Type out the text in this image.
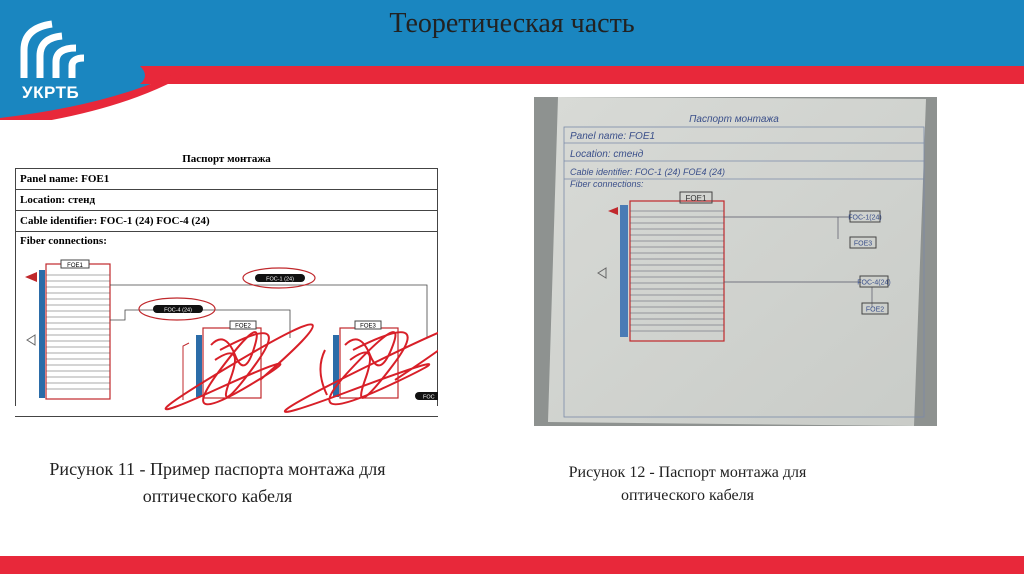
Теоретическая часть
УКРТБ
Паспорт монтажа
Panel name: FOE1
Location: стенд
Cable identifier: FOC-1 (24) FOC-4 (24)
Fiber connections:
FOE1
FOC-1 (24)
FOC-4 (24)
FOE2	FOE3
FOC
Паспорт монтажа
Panel name: FOE1
Location: стенд
Cable identifier: FOC-1 (24) FOE4 (24)
Fiber connections:
FOE1
FOC-1(24)
FOE3
FOC-4(24)
FOE2
Рисунок 11 - Пример паспорта монтажа для оптического кабеля
Рисунок 12 - Паспорт монтажа для оптического кабеля
